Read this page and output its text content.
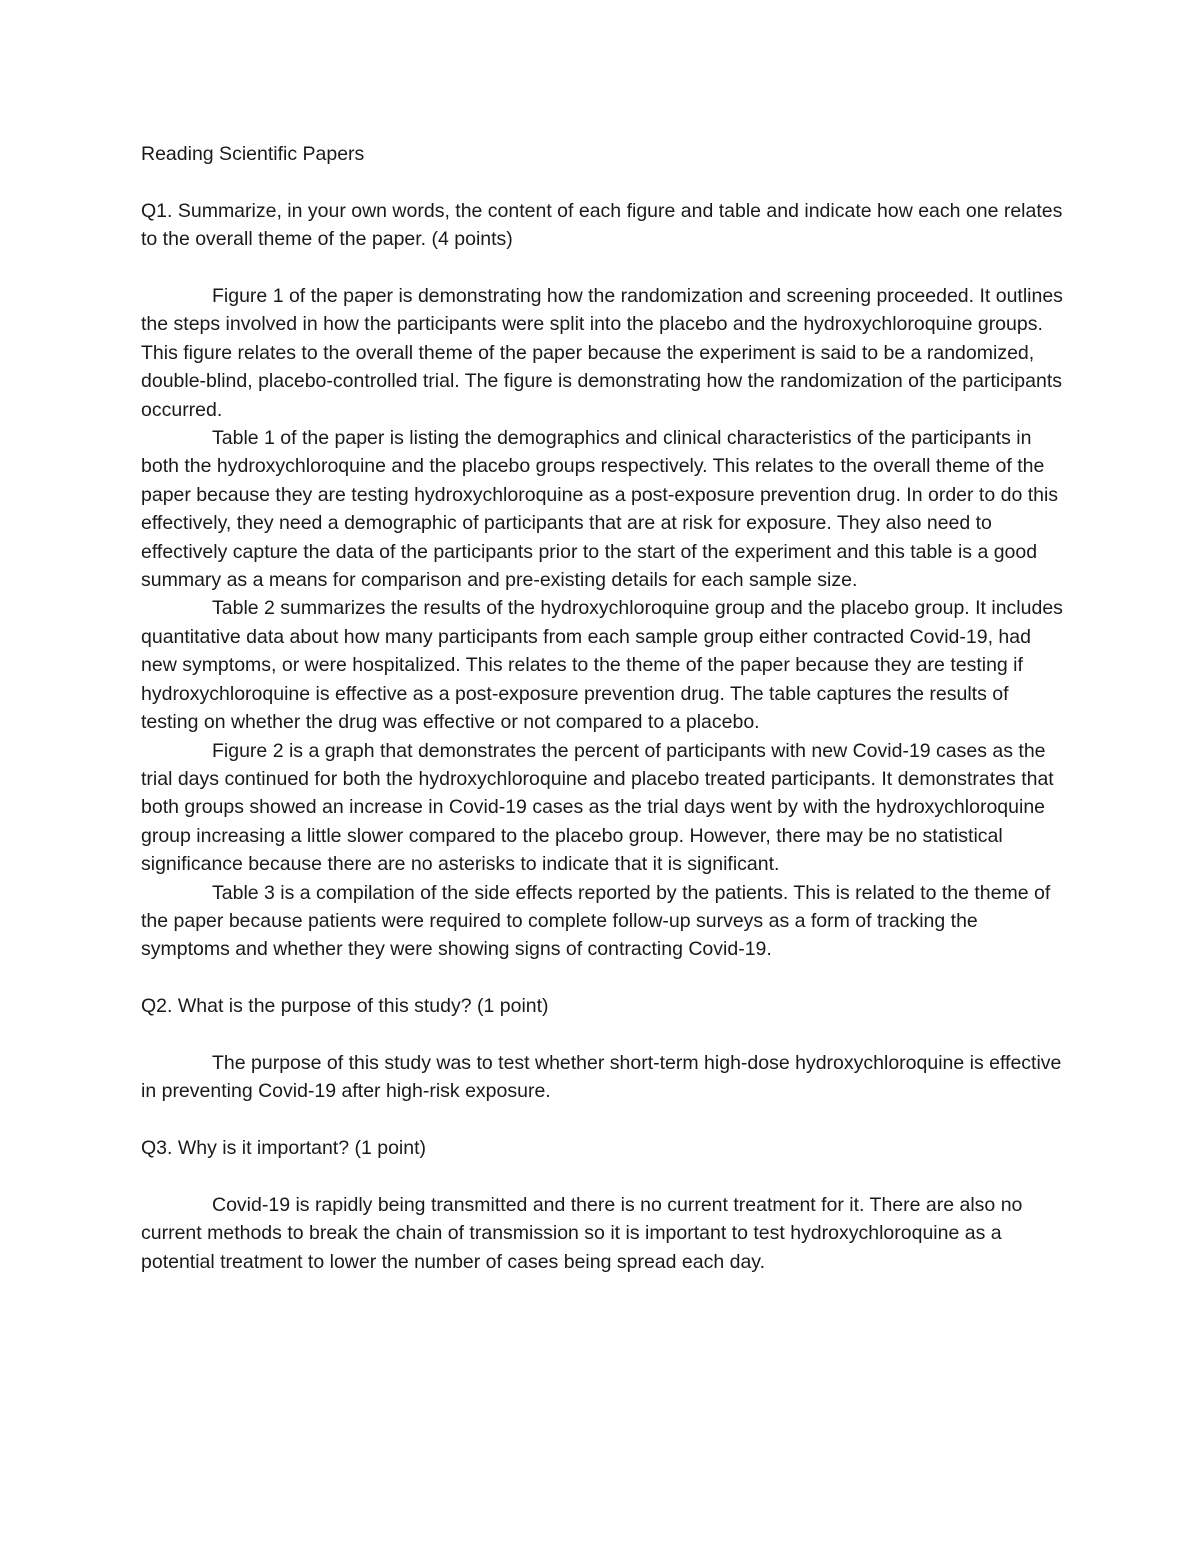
Reading Scientific Papers

Q1. Summarize, in your own words, the content of each figure and table and indicate how each one relates to the overall theme of the paper. (4 points)

Figure 1 of the paper is demonstrating how the randomization and screening proceeded. It outlines the steps involved in how the participants were split into the placebo and the hydroxychloroquine groups. This figure relates to the overall theme of the paper because the experiment is said to be a randomized, double-blind, placebo-controlled trial. The figure is demonstrating how the randomization of the participants occurred.

Table 1 of the paper is listing the demographics and clinical characteristics of the participants in both the hydroxychloroquine and the placebo groups respectively. This relates to the overall theme of the paper because they are testing hydroxychloroquine as a post-exposure prevention drug. In order to do this effectively, they need a demographic of participants that are at risk for exposure. They also need to effectively capture the data of the participants prior to the start of the experiment and this table is a good summary as a means for comparison and pre-existing details for each sample size.

Table 2 summarizes the results of the hydroxychloroquine group and the placebo group. It includes quantitative data about how many participants from each sample group either contracted Covid-19, had new symptoms, or were hospitalized. This relates to the theme of the paper because they are testing if hydroxychloroquine is effective as a post-exposure prevention drug. The table captures the results of testing on whether the drug was effective or not compared to a placebo.

Figure 2 is a graph that demonstrates the percent of participants with new Covid-19 cases as the trial days continued for both the hydroxychloroquine and placebo treated participants. It demonstrates that both groups showed an increase in Covid-19 cases as the trial days went by with the hydroxychloroquine group increasing a little slower compared to the placebo group. However, there may be no statistical significance because there are no asterisks to indicate that it is significant.

Table 3 is a compilation of the side effects reported by the patients. This is related to the theme of the paper because patients were required to complete follow-up surveys as a form of tracking the symptoms and whether they were showing signs of contracting Covid-19.

Q2. What is the purpose of this study? (1 point)

The purpose of this study was to test whether short-term high-dose hydroxychloroquine is effective in preventing Covid-19 after high-risk exposure.

Q3. Why is it important? (1 point)

Covid-19 is rapidly being transmitted and there is no current treatment for it. There are also no current methods to break the chain of transmission so it is important to test hydroxychloroquine as a potential treatment to lower the number of cases being spread each day.
